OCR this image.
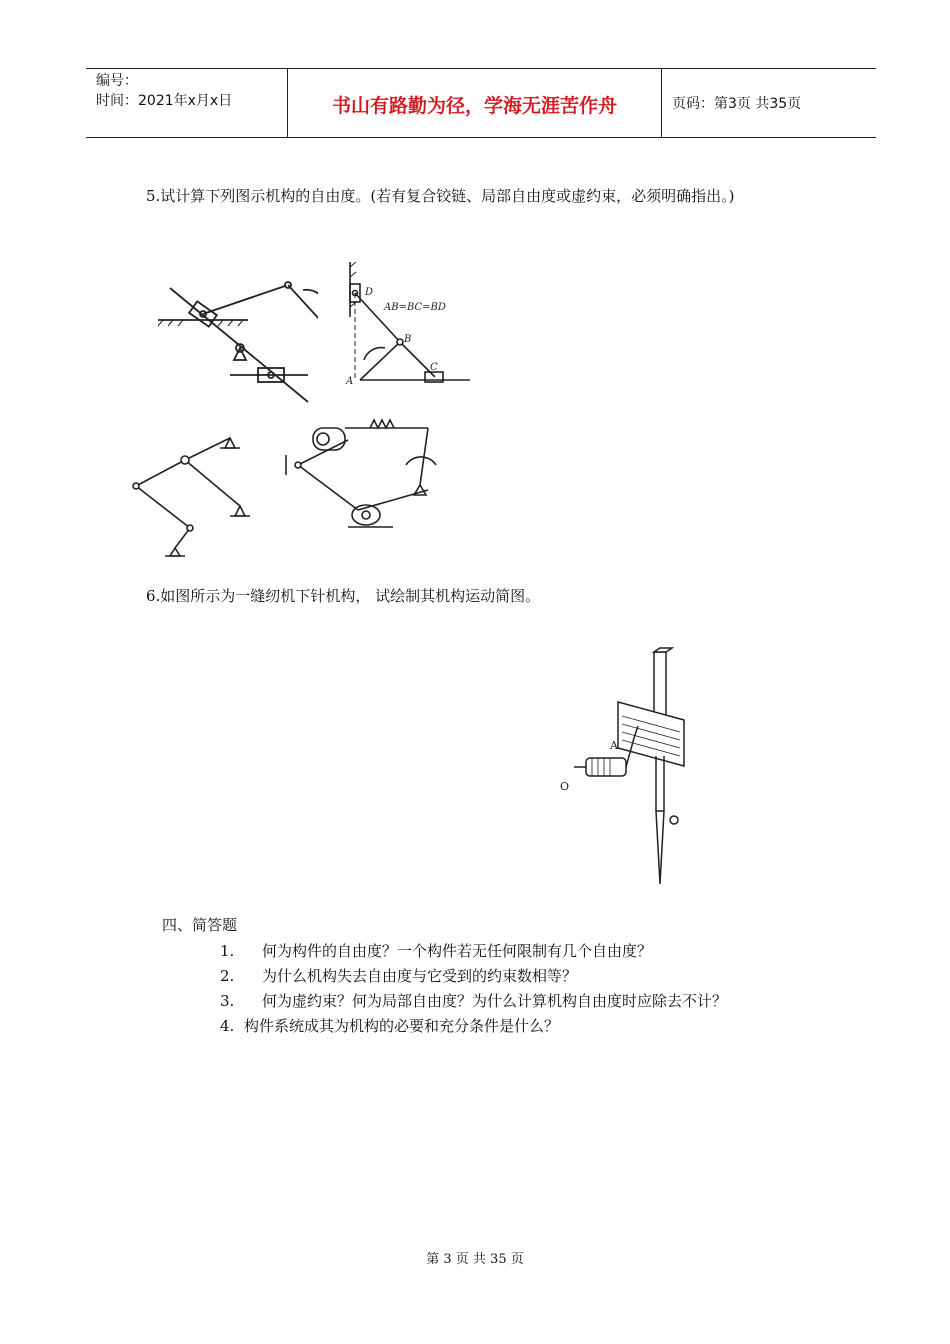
编号：
时间：2021年x月x日	书山有路勤为径，学海无涯苦作舟	页码：第3页 共35页
5.试计算下列图示机构的自由度。(若有复合铰链、局部自由度或虚约束，必须明确指出。)
D
B
A
C
AB=BC=BD
6.如图所示为一缝纫机下针机构， 试绘制其机构运动简图。
A
O
四、简答题
1. 何为构件的自由度？一个构件若无任何限制有几个自由度？
2. 为什么机构失去自由度与它受到的约束数相等？
3. 何为虚约束？何为局部自由度？为什么计算机构自由度时应除去不计？
4. 构件系统成其为机构的必要和充分条件是什么？
第 3 页 共 35 页
